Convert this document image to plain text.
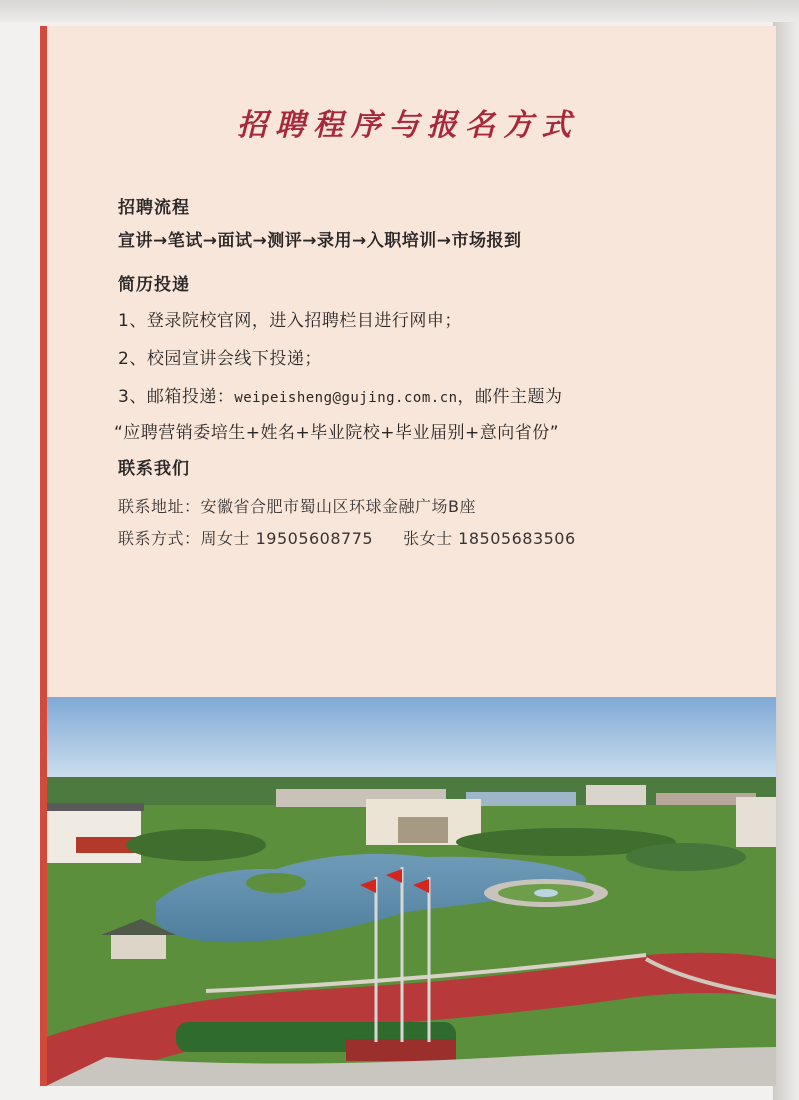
招聘程序与报名方式
招聘流程
宣讲→笔试→面试→测评→录用→入职培训→市场报到
简历投递
1、登录院校官网，进入招聘栏目进行网申；
2、校园宣讲会线下投递；
3、邮箱投递：weipeisheng@gujing.com.cn，邮件主题为
“应聘营销委培生+姓名+毕业院校+毕业届别+意向省份”
联系我们
联系地址：安徽省合肥市蜀山区环球金融广场B座
联系方式：周女士 19505608775 张女士 18505683506
